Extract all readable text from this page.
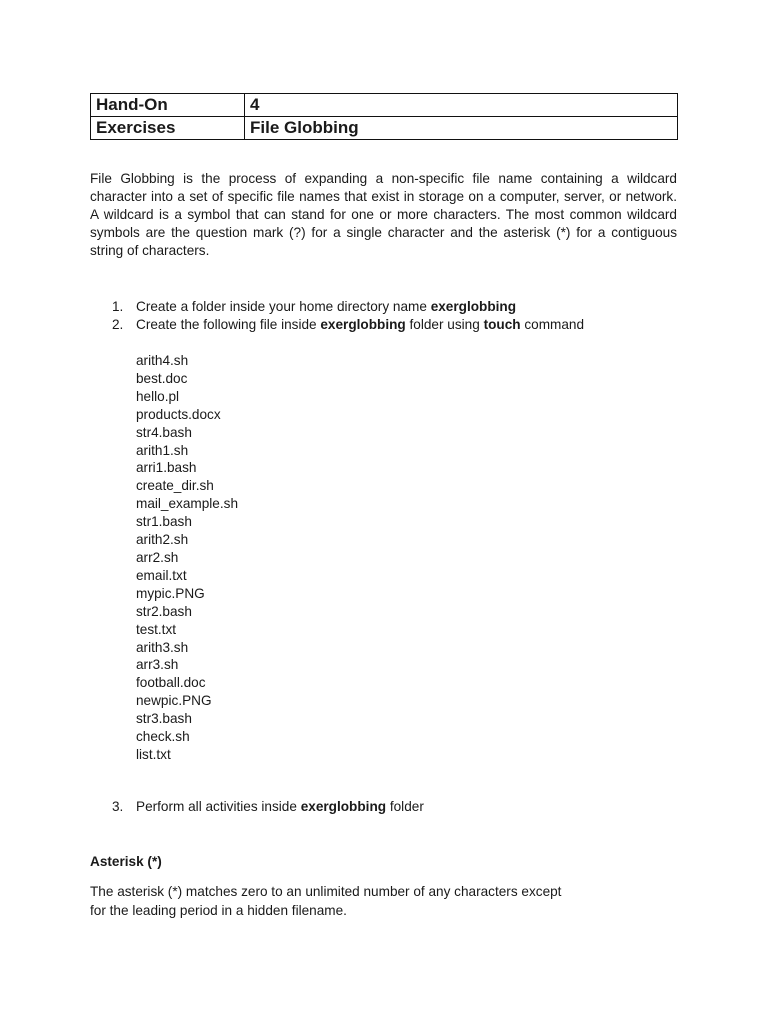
Hand-On	4
Exercises	File Globbing

File Globbing is the process of expanding a non-specific file name containing a wildcard character into a set of specific file names that exist in storage on a computer, server, or network. A wildcard is a symbol that can stand for one or more characters. The most common wildcard symbols are the question mark (?) for a single character and the asterisk (*) for a contiguous string of characters.

1. Create a folder inside your home directory name exerglobbing
2. Create the following file inside exerglobbing folder using touch command
arith4.sh
best.doc
hello.pl
products.docx
str4.bash
arith1.sh
arri1.bash
create_dir.sh
mail_example.sh
str1.bash
arith2.sh
arr2.sh
email.txt
mypic.PNG
str2.bash
test.txt
arith3.sh
arr3.sh
football.doc
newpic.PNG
str3.bash
check.sh
list.txt
3. Perform all activities inside exerglobbing folder

Asterisk (*)

The asterisk (*) matches zero to an unlimited number of any characters except
for the leading period in a hidden filename.
